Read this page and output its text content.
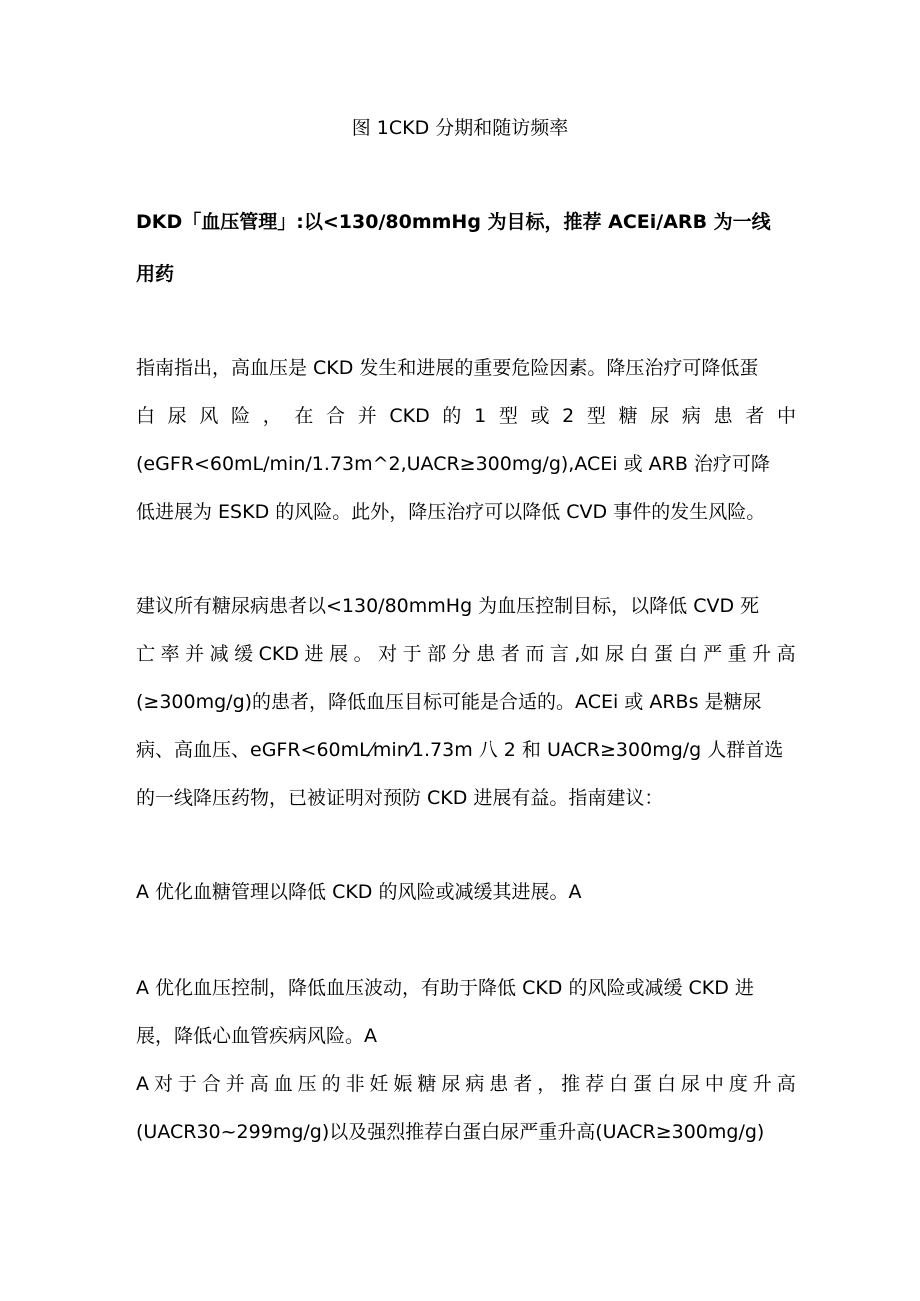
图 1CKD 分期和随访频率
DKD「血压管理」:以<130/80mmHg 为目标，推荐 ACEi/ARB 为一线
用药
指南指出，高血压是 CKD 发生和进展的重要危险因素。降压治疗可降低蛋
白 尿 风 险 ， 在 合 并 CKD 的 1 型 或 2 型 糖 尿 病 患 者 中
(eGFR<60mL/min/1.73m^2,UACR≥300mg/g),ACEi 或 ARB 治疗可降
低进展为 ESKD 的风险。此外，降压治疗可以降低 CVD 事件的发生风险。
建议所有糖尿病患者以<130/80mmHg 为血压控制目标，以降低 CVD 死
亡 率 并 减 缓 CKD 进 展 。 对 于 部 分 患 者 而 言 ,如 尿 白 蛋 白 严 重 升 高
(≥300mg/g)的患者，降低血压目标可能是合适的。ACEi 或 ARBs 是糖尿
病、高血压、eGFR<60mL⁄min⁄1.73m 八 2 和 UACR≥300mg/g 人群首选
的一线降压药物，已被证明对预防 CKD 进展有益。指南建议：
A 优化血糖管理以降低 CKD 的风险或减缓其进展。A
A 优化血压控制，降低血压波动，有助于降低 CKD 的风险或减缓 CKD 进
展，降低心血管疾病风险。A
A 对 于 合 并 高 血 压 的 非 妊 娠 糖 尿 病 患 者 ， 推 荐 白 蛋 白 尿 中 度 升 高
(UACR30~299mg/g)以及强烈推荐白蛋白尿严重升高(UACR≥300mg/g)
